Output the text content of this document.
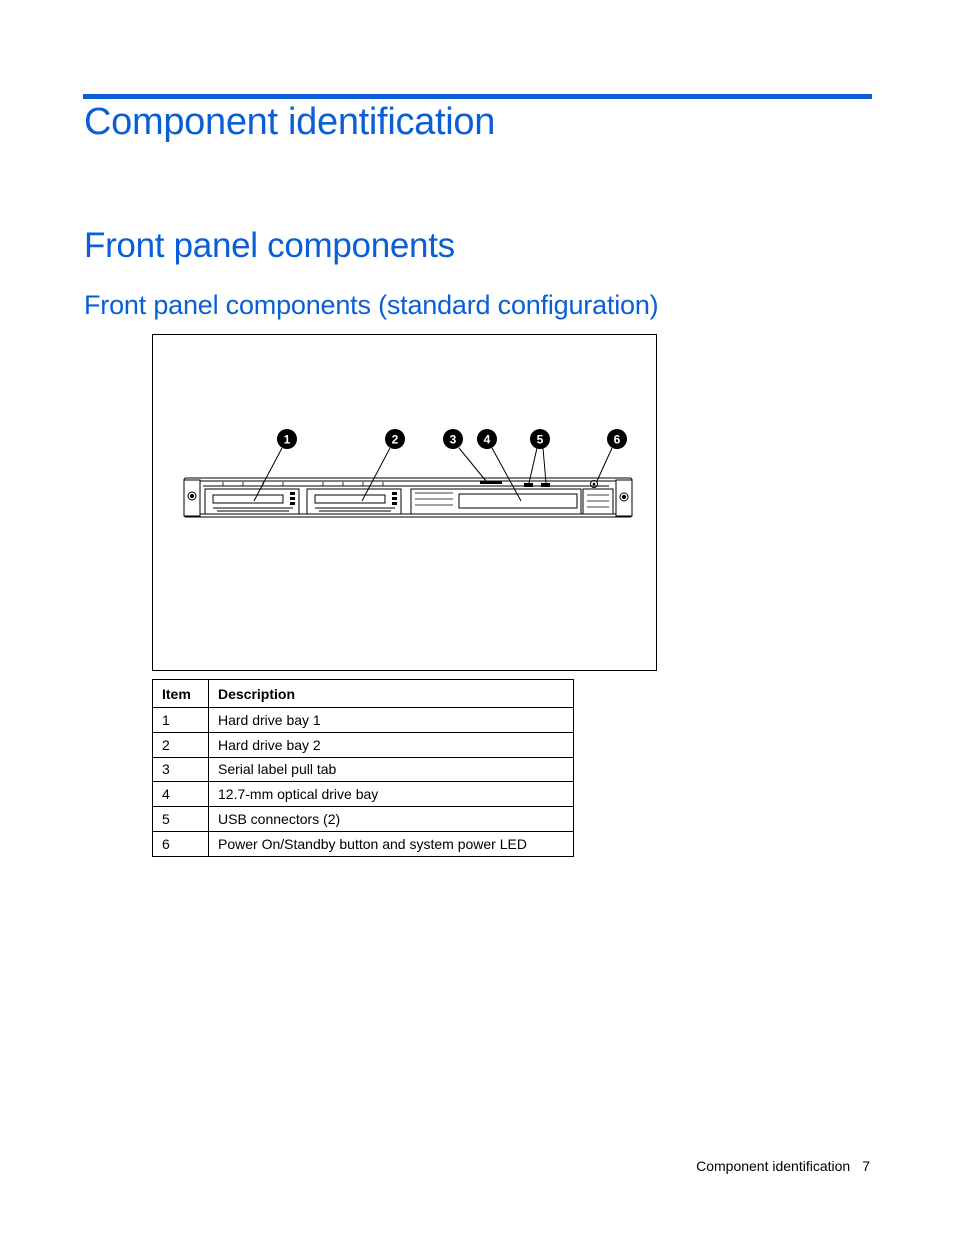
Component identification
Front panel components
Front panel components (standard configuration)
1	2	3 4	5	6
Item	Description
1	Hard drive bay 1
2	Hard drive bay 2
3	Serial label pull tab
4	12.7-mm optical drive bay
5	USB connectors (2)
6	Power On/Standby button and system power LED
Component identification 7
